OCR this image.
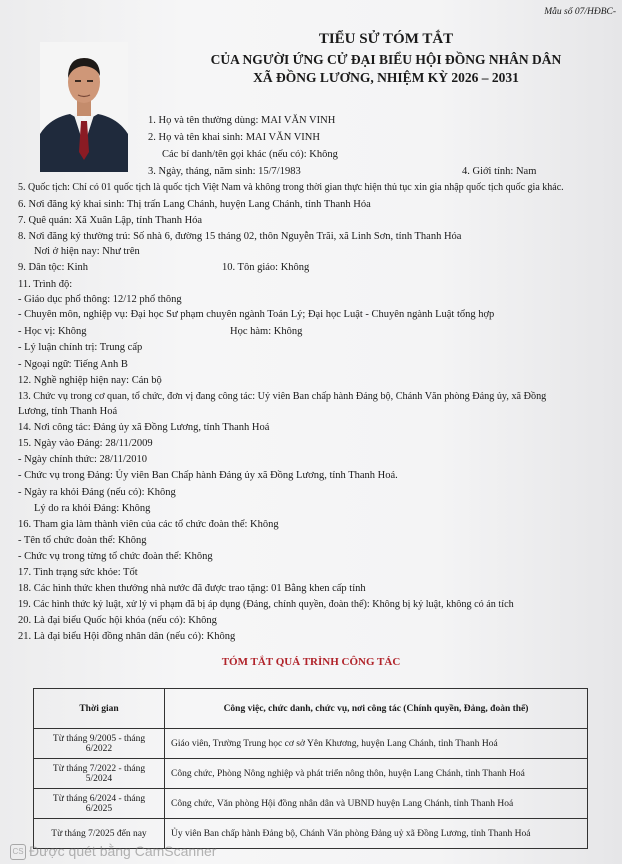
Mẫu số 07/HĐBC-
TIỂU SỬ TÓM TẮT
CỦA NGƯỜI ỨNG CỬ ĐẠI BIỂU HỘI ĐỒNG NHÂN DÂN
XÃ ĐỒNG LƯƠNG, NHIỆM KỲ 2026 – 2031
1. Họ và tên thường dùng: MAI VĂN VINH
2. Họ và tên khai sinh: MAI VĂN VINH
Các bí danh/tên gọi khác (nếu có): Không
3. Ngày, tháng, năm sinh: 15/7/1983	4. Giới tính: Nam
5. Quốc tịch: Chỉ có 01 quốc tịch là quốc tịch Việt Nam và không trong thời gian thực hiện thủ tục xin gia nhập quốc tịch quốc gia khác.
6. Nơi đăng ký khai sinh: Thị trấn Lang Chánh, huyện Lang Chánh, tỉnh Thanh Hóa
7. Quê quán: Xã Xuân Lập, tỉnh Thanh Hóa
8. Nơi đăng ký thường trú: Số nhà 6, đường 15 tháng 02, thôn Nguyễn Trãi, xã Linh Sơn, tỉnh Thanh Hóa
Nơi ở hiện nay: Như trên
9. Dân tộc: Kinh	10. Tôn giáo: Không
11. Trình độ:
- Giáo dục phổ thông: 12/12 phổ thông
- Chuyên môn, nghiệp vụ: Đại học Sư phạm chuyên ngành Toán Lý; Đại học Luật - Chuyên ngành Luật tổng hợp
- Học vị: Không	Học hàm: Không
- Lý luận chính trị: Trung cấp
- Ngoại ngữ: Tiếng Anh B
12. Nghề nghiệp hiện nay: Cán bộ
13. Chức vụ trong cơ quan, tổ chức, đơn vị đang công tác: Uỷ viên Ban chấp hành Đảng bộ, Chánh Văn phòng Đảng ủy, xã Đồng
Lương, tỉnh Thanh Hoá
14. Nơi công tác: Đảng ủy xã Đồng Lương, tỉnh Thanh Hoá
15. Ngày vào Đảng: 28/11/2009
- Ngày chính thức: 28/11/2010
- Chức vụ trong Đảng: Ủy viên Ban Chấp hành Đảng ủy xã Đồng Lương, tỉnh Thanh Hoá.
- Ngày ra khỏi Đảng (nếu có): Không
Lý do ra khỏi Đảng: Không
16. Tham gia làm thành viên của các tổ chức đoàn thể: Không
- Tên tổ chức đoàn thể: Không
- Chức vụ trong từng tổ chức đoàn thể: Không
17. Tình trạng sức khỏe: Tốt
18. Các hình thức khen thưởng nhà nước đã được trao tặng: 01 Bằng khen cấp tỉnh
19. Các hình thức kỷ luật, xử lý vi phạm đã bị áp dụng (Đảng, chính quyền, đoàn thể): Không bị kỷ luật, không có án tích
20. Là đại biểu Quốc hội khóa (nếu có): Không
21. Là đại biểu Hội đồng nhân dân (nếu có): Không
TÓM TẮT QUÁ TRÌNH CÔNG TÁC
Thời gian	Công việc, chức danh, chức vụ, nơi công tác (Chính quyền, Đảng, đoàn thể)
Từ tháng 9/2005 - tháng 6/2022	Giáo viên, Trường Trung học cơ sở Yên Khương, huyện Lang Chánh, tỉnh Thanh Hoá
Từ tháng 7/2022 - tháng 5/2024	Công chức, Phòng Nông nghiệp và phát triển nông thôn, huyện Lang Chánh, tỉnh Thanh Hoá
Từ tháng 6/2024 - tháng 6/2025	Công chức, Văn phòng Hội đồng nhân dân và UBND huyện Lang Chánh, tỉnh Thanh Hoá
Từ tháng 7/2025 đến nay	Ủy viên Ban chấp hành Đảng bộ, Chánh Văn phòng Đảng uỷ xã Đồng Lương, tỉnh Thanh Hoá
CS Được quét bằng CamScanner
